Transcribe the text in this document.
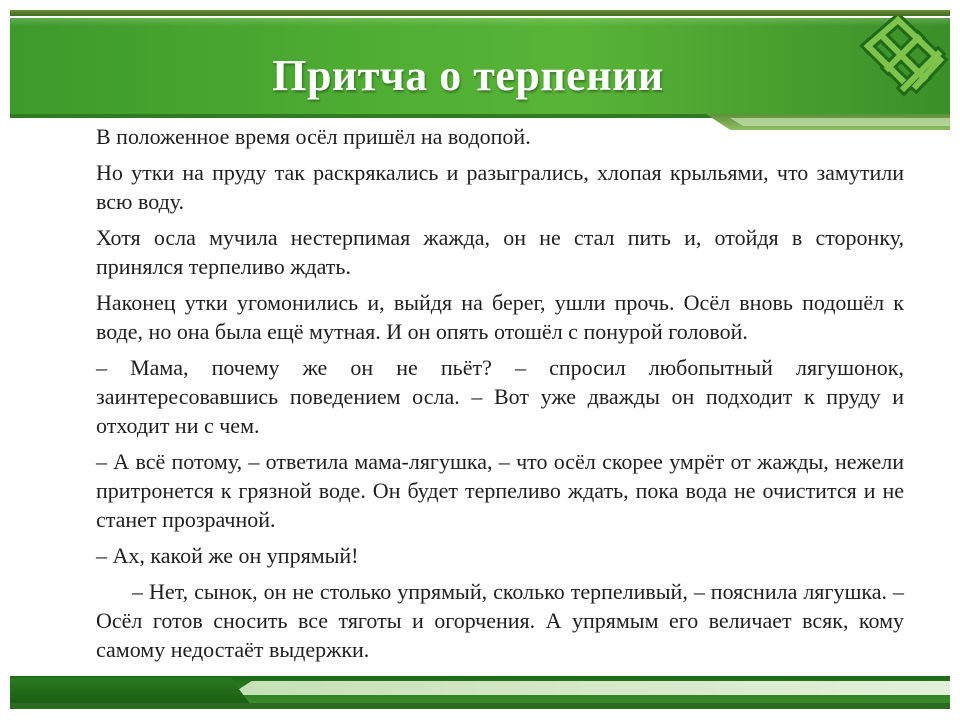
Притча о терпении

В положенное время осёл пришёл на водопой.

Но утки на пруду так раскрякались и разыгрались, хлопая крыльями, что замутили всю воду.

Хотя осла мучила нестерпимая жажда, он не стал пить и, отойдя в сторонку, принялся терпеливо ждать.

Наконец утки угомонились и, выйдя на берег, ушли прочь. Осёл вновь подошёл к воде, но она была ещё мутная. И он опять отошёл с понурой головой.

– Мама, почему же он не пьёт? – спросил любопытный лягушонок, заинтересовавшись поведением осла. – Вот уже дважды он подходит к пруду и отходит ни с чем.

– А всё потому, – ответила мама-лягушка, – что осёл скорее умрёт от жажды, нежели притронется к грязной воде. Он будет терпеливо ждать, пока вода не очистится и не станет прозрачной.

– Ах, какой же он упрямый!

– Нет, сынок, он не столько упрямый, сколько терпеливый, – пояснила лягушка. – Осёл готов сносить все тяготы и огорчения. А упрямым его величает всяк, кому самому недостаёт выдержки.
